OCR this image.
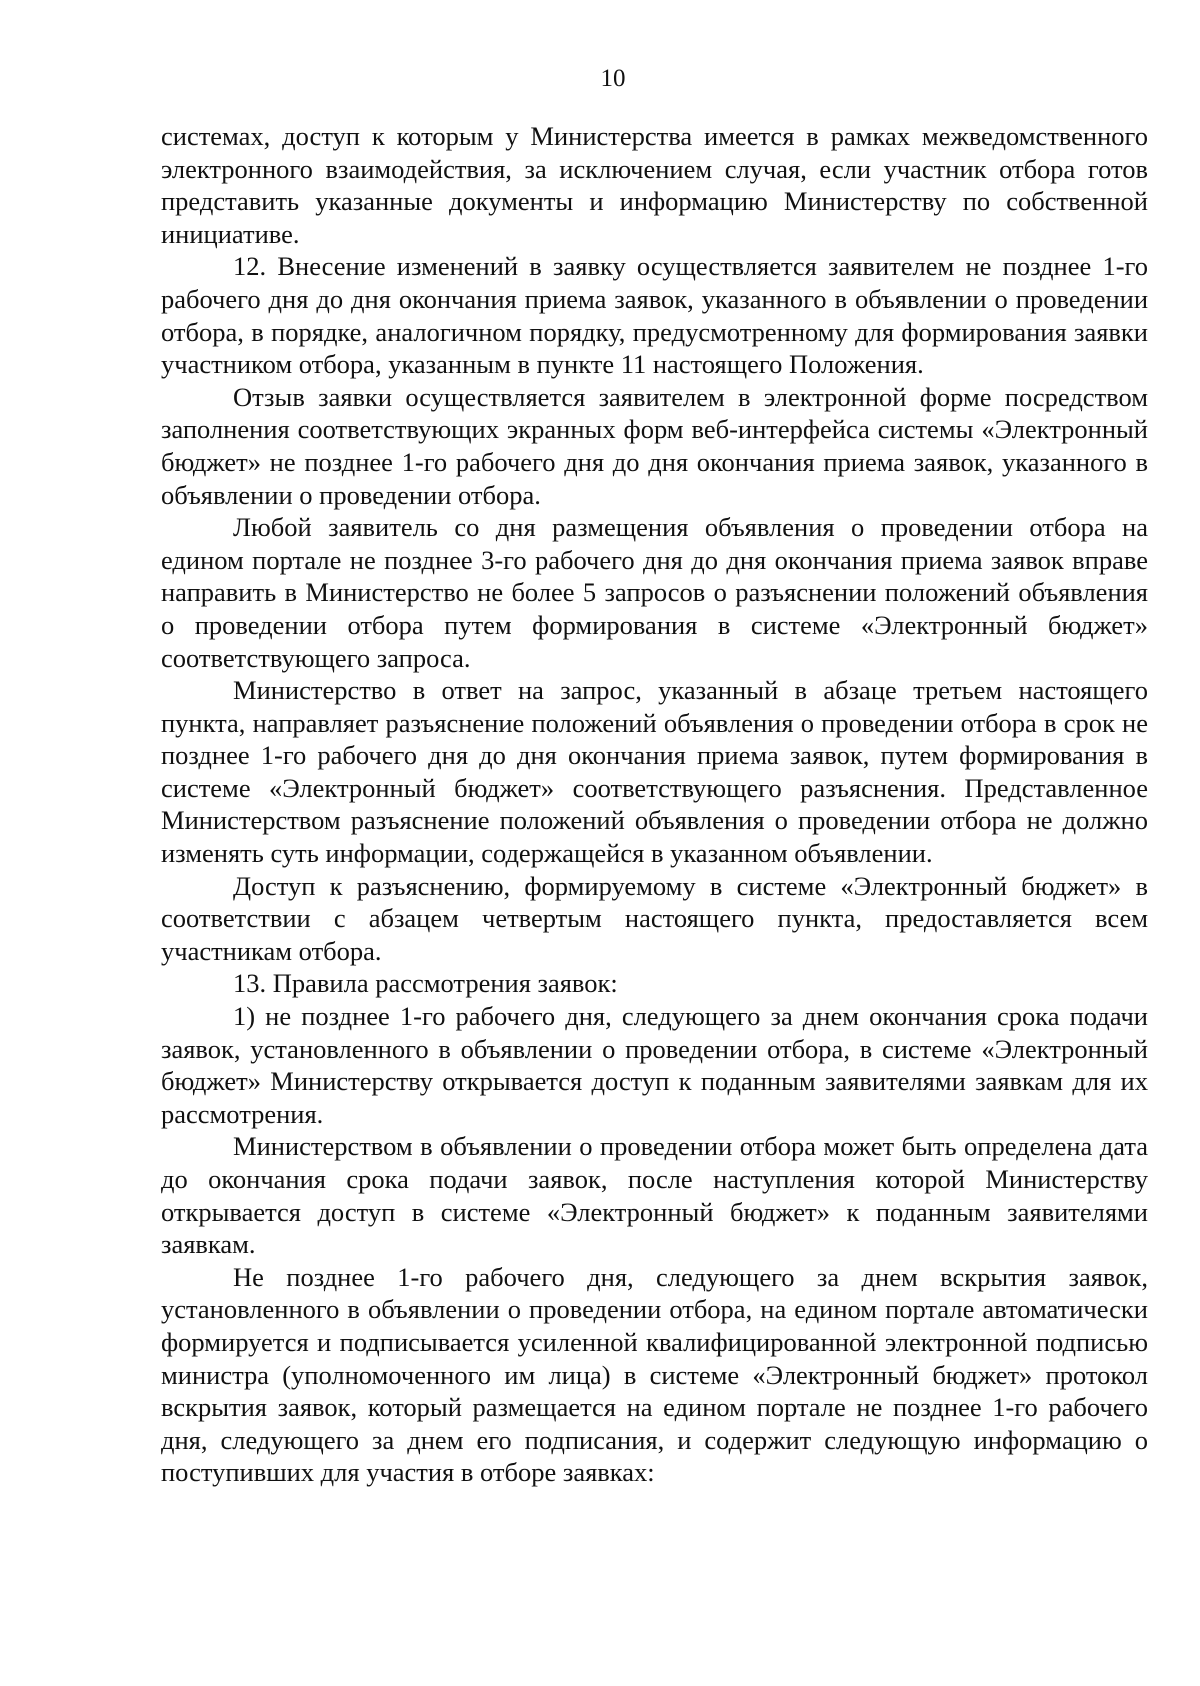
10

системах, доступ к которым у Министерства имеется в рамках межведомственного электронного взаимодействия, за исключением случая, если участник отбора готов представить указанные документы и информацию Министерству по собственной инициативе.

12. Внесение изменений в заявку осуществляется заявителем не позднее 1-го рабочего дня до дня окончания приема заявок, указанного в объявлении о проведении отбора, в порядке, аналогичном порядку, предусмотренному для формирования заявки участником отбора, указанным в пункте 11 настоящего Положения.

Отзыв заявки осуществляется заявителем в электронной форме посредством заполнения соответствующих экранных форм веб-интерфейса системы «Электронный бюджет» не позднее 1-го рабочего дня до дня окончания приема заявок, указанного в объявлении о проведении отбора.

Любой заявитель со дня размещения объявления о проведении отбора на едином портале не позднее 3-го рабочего дня до дня окончания приема заявок вправе направить в Министерство не более 5 запросов о разъяснении положений объявления о проведении отбора путем формирования в системе «Электронный бюджет» соответствующего запроса.

Министерство в ответ на запрос, указанный в абзаце третьем настоящего пункта, направляет разъяснение положений объявления о проведении отбора в срок не позднее 1-го рабочего дня до дня окончания приема заявок, путем формирования в системе «Электронный бюджет» соответствующего разъяснения. Представленное Министерством разъяснение положений объявления о проведении отбора не должно изменять суть информации, содержащейся в указанном объявлении.

Доступ к разъяснению, формируемому в системе «Электронный бюджет» в соответствии с абзацем четвертым настоящего пункта, предоставляется всем участникам отбора.

13. Правила рассмотрения заявок:

1) не позднее 1-го рабочего дня, следующего за днем окончания срока подачи заявок, установленного в объявлении о проведении отбора, в системе «Электронный бюджет» Министерству открывается доступ к поданным заявителями заявкам для их рассмотрения.

Министерством в объявлении о проведении отбора может быть определена дата до окончания срока подачи заявок, после наступления которой Министерству открывается доступ в системе «Электронный бюджет» к поданным заявителями заявкам.

Не позднее 1-го рабочего дня, следующего за днем вскрытия заявок, установленного в объявлении о проведении отбора, на едином портале автоматически формируется и подписывается усиленной квалифицированной электронной подписью министра (уполномоченного им лица) в системе «Электронный бюджет» протокол вскрытия заявок, который размещается на едином портале не позднее 1-го рабочего дня, следующего за днем его подписания, и содержит следующую информацию о поступивших для участия в отборе заявках:
